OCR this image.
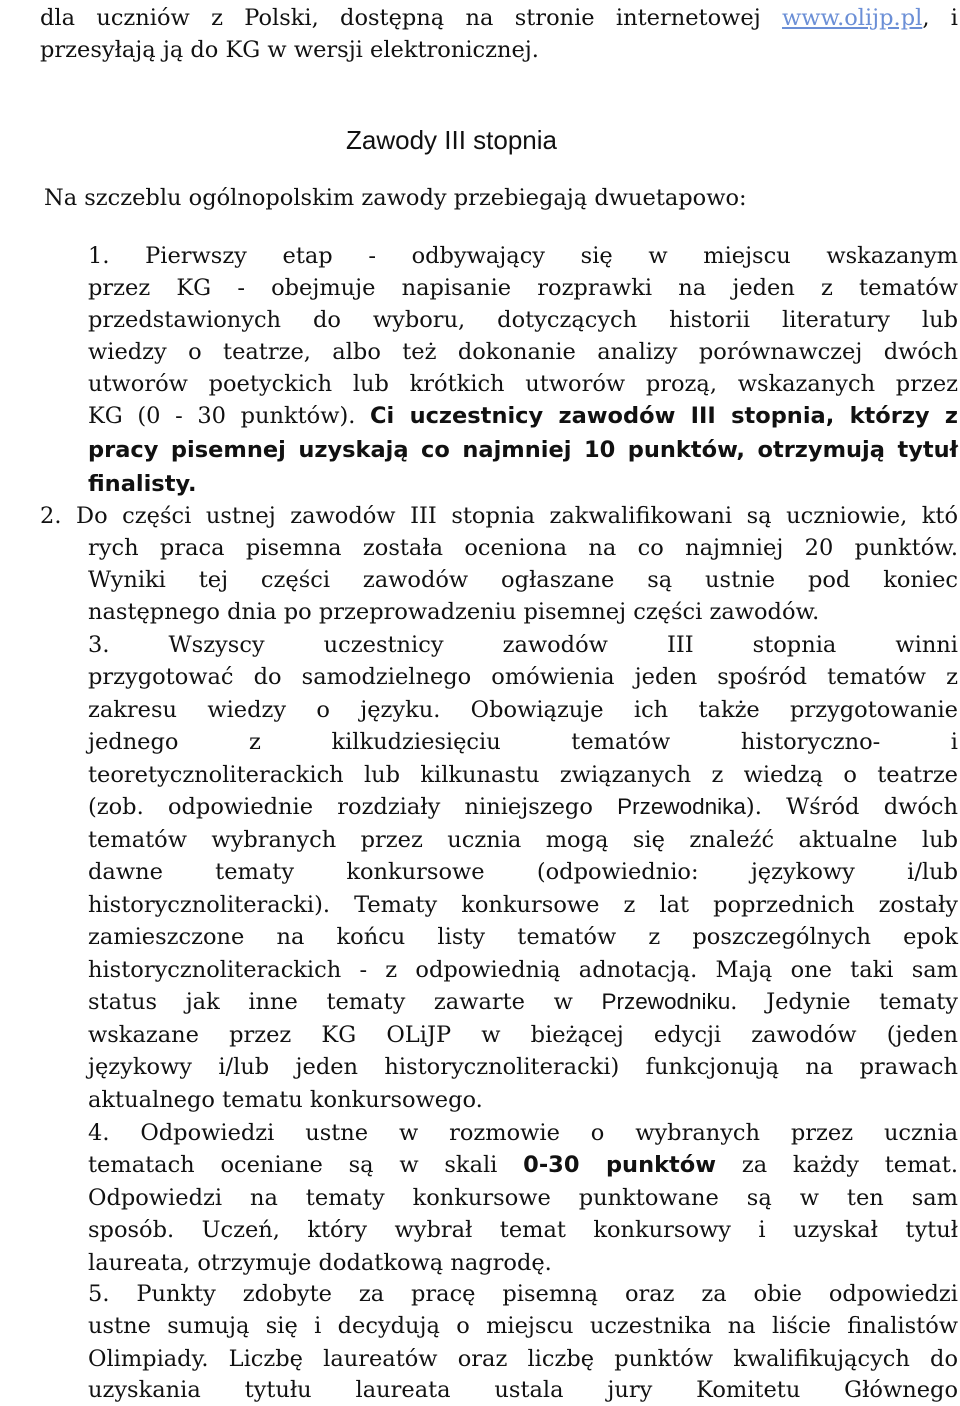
dla uczniów z Polski, dostępną na stronie internetowej www.olijp.pl, i
przesyłają ją do KG w wersji elektronicznej.
Zawody III stopnia
Na szczeblu ogólnopolskim zawody przebiegają dwuetapowo:
1. Pierwszy etap - odbywający się w miejscu wskazanym
przez KG - obejmuje napisanie rozprawki na jeden z tematów
przedstawionych do wyboru, dotyczących historii literatury lub
wiedzy o teatrze, albo też dokonanie analizy porównawczej dwóch
utworów poetyckich lub krótkich utworów prozą, wskazanych przez
KG (0 - 30 punktów). Ci uczestnicy zawodów III stopnia, którzy z
pracy pisemnej uzyskają co najmniej 10 punktów, otrzymują tytuł
finalisty.
2. Do części ustnej zawodów III stopnia zakwalifikowani są uczniowie, któ
rych praca pisemna została oceniona na co najmniej 20 punktów.
Wyniki tej części zawodów ogłaszane są ustnie pod koniec
następnego dnia po przeprowadzeniu pisemnej części zawodów.
3. Wszyscy uczestnicy zawodów III stopnia winni
przygotować do samodzielnego omówienia jeden spośród tematów z
zakresu wiedzy o języku. Obowiązuje ich także przygotowanie
jednego z kilkudziesięciu tematów historyczno- i
teoretycznoliterackich lub kilkunastu związanych z wiedzą o teatrze
(zob. odpowiednie rozdziały niniejszego Przewodnika). Wśród dwóch
tematów wybranych przez ucznia mogą się znaleźć aktualne lub
dawne tematy konkursowe (odpowiednio: językowy i/lub
historycznoliteracki). Tematy konkursowe z lat poprzednich zostały
zamieszczone na końcu listy tematów z poszczególnych epok
historycznoliterackich - z odpowiednią adnotacją. Mają one taki sam
status jak inne tematy zawarte w Przewodniku. Jedynie tematy
wskazane przez KG OLiJP w bieżącej edycji zawodów (jeden
językowy i/lub jeden historycznoliteracki) funkcjonują na prawach
aktualnego tematu konkursowego.
4. Odpowiedzi ustne w rozmowie o wybranych przez ucznia
tematach oceniane są w skali 0-30 punktów za każdy temat.
Odpowiedzi na tematy konkursowe punktowane są w ten sam
sposób. Uczeń, który wybrał temat konkursowy i uzyskał tytuł
laureata, otrzymuje dodatkową nagrodę.
5. Punkty zdobyte za pracę pisemną oraz za obie odpowiedzi
ustne sumują się i decydują o miejscu uczestnika na liście finalistów
Olimpiady. Liczbę laureatów oraz liczbę punktów kwalifikujących do
uzyskania tytułu laureata ustala jury Komitetu Głównego
